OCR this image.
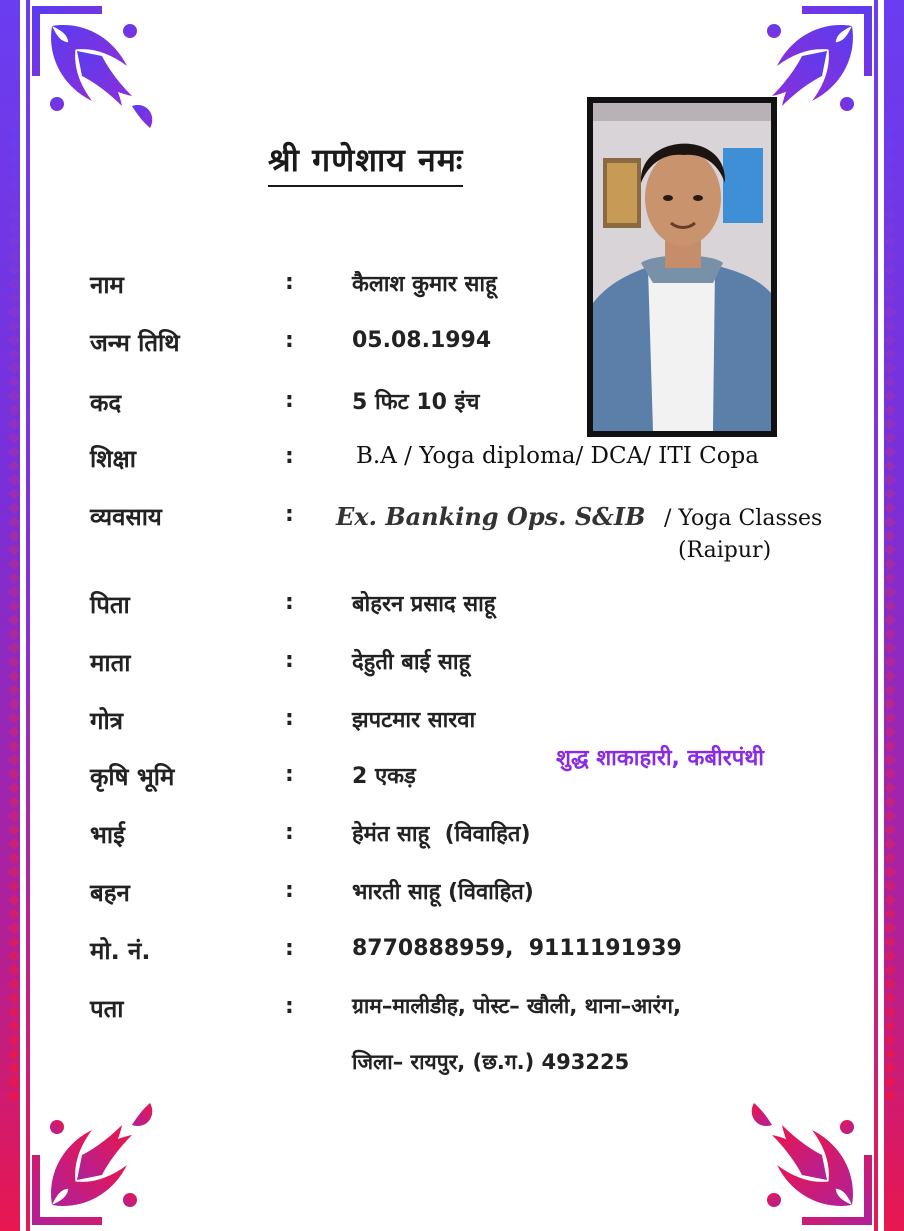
श्री गणेशाय नमः
नाम	:	कैलाश कुमार साहू
जन्म तिथि	:	05.08.1994
कद	:	5 फिट 10 इंच
शिक्षा	:	B.A / Yoga diploma/ DCA/ ITI Copa
व्यवसाय	: Ex. Banking Ops. S&IB / Yoga Classes
(Raipur)
पिता	:	बोहरन प्रसाद साहू
माता	:	देहुती बाई साहू
गोत्र	:	झपटमार सारवा
कृषि भूमि	:	2 एकड़
भाई	:	हेमंत साहू  (विवाहित)
बहन	:	भारती साहू (विवाहित)
मो. नं.	:	8770888959,  9111191939
पता	:	ग्राम–मालीडीह, पोस्ट– खौली, थाना–आरंग,
जिला– रायपुर, (छ.ग.) 493225
शुद्ध शाकाहारी, कबीरपंथी
